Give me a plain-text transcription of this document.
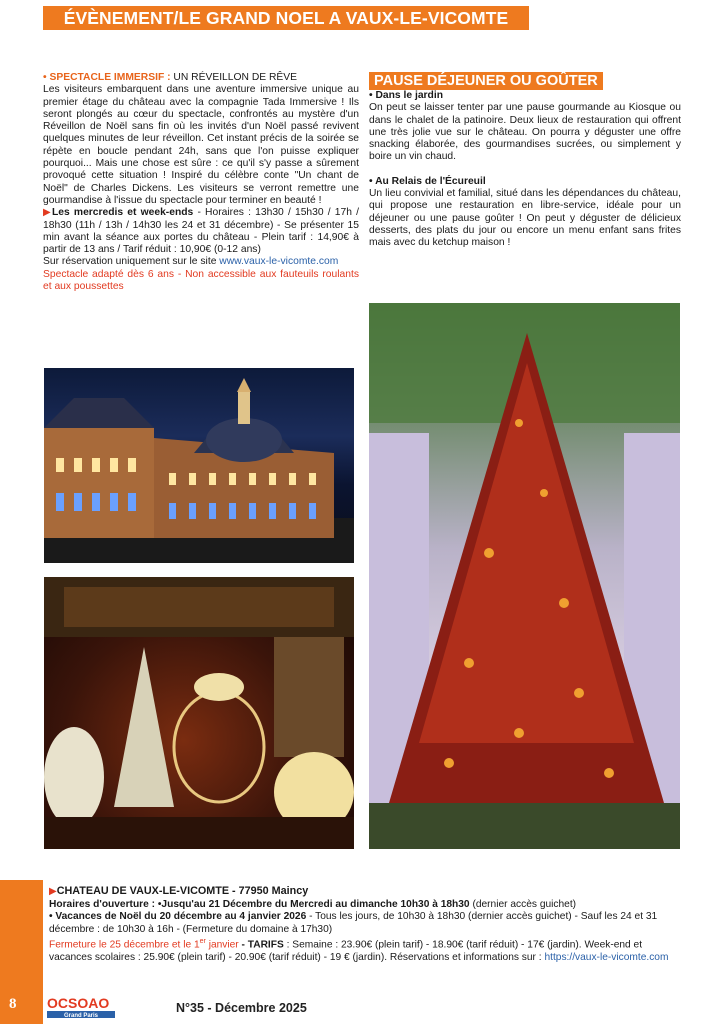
ÉVÈNEMENT/LE GRAND NOEL A VAUX-LE-VICOMTE

• SPECTACLE IMMERSIF : UN RÉVEILLON DE RÊVE

Les visiteurs embarquent dans une aventure immersive unique au premier étage du château avec la compagnie Tada Immersive ! Ils seront plongés au cœur du spectacle, confrontés au mystère d'un Réveillon de Noël sans fin où les invités d'un Noël passé revivent quelques minutes de leur réveillon. Cet instant précis de la soirée se répète en boucle pendant 24h, sans que l'on puisse expliquer pourquoi... Mais une chose est sûre : ce qu'il s'y passe a sûrement provoqué cette situation ! Inspiré du célèbre conte "Un chant de Noël" de Charles Dickens. Les visiteurs se verront remettre une gourmandise à l'issue du spectacle pour terminer en beauté !

▶Les mercredis et week-ends - Horaires : 13h30 / 15h30 / 17h / 18h30 (11h / 13h / 14h30 les 24 et 31 décembre) - Se présenter 15 min avant la séance aux portes du château - Plein tarif : 14,90€ à partir de 13 ans / Tarif réduit : 10,90€ (0-12 ans)

Sur réservation uniquement sur le site www.vaux-le-vicomte.com

Spectacle adapté dès 6 ans - Non accessible aux fauteuils roulants et aux poussettes

PAUSE DÉJEUNER OU GOÛTER

• Dans le jardin

On peut se laisser tenter par une pause gourmande au Kiosque ou dans le chalet de la patinoire. Deux lieux de restauration qui offrent une très jolie vue sur le château. On pourra y déguster une offre snacking élaborée, des gourmandises sucrées, ou simplement y boire un vin chaud.

• Au Relais de l'Écureuil

Un lieu convivial et familial, situé dans les dépendances du château, qui propose une restauration en libre-service, idéale pour un déjeuner ou une pause goûter ! On peut y déguster de délicieux desserts, des plats du jour ou encore un menu enfant sans frites mais avec du ketchup maison !

▶CHATEAU DE VAUX-LE-VICOMTE - 77950 Maincy

Horaires d'ouverture : •Jusqu'au 21 Décembre du Mercredi au dimanche 10h30 à 18h30 (dernier accès guichet)

• Vacances de Noël du 20 décembre au 4 janvier 2026 - Tous les jours, de 10h30 à 18h30 (dernier accès guichet) - Sauf les 24 et 31 décembre : de 10h30 à 16h - (Fermeture du domaine à 17h30)

Fermeture le 25 décembre et le 1er janvier - TARIFS : Semaine : 23.90€ (plein tarif) - 18.90€ (tarif réduit) - 17€ (jardin). Week-end et vacances scolaires : 25.90€ (plein tarif) - 20.90€ (tarif réduit) - 19 € (jardin). Réservations et informations sur : https://vaux-le-vicomte.com

8 OCSOAO
Grand Paris
N°35 - Décembre 2025
